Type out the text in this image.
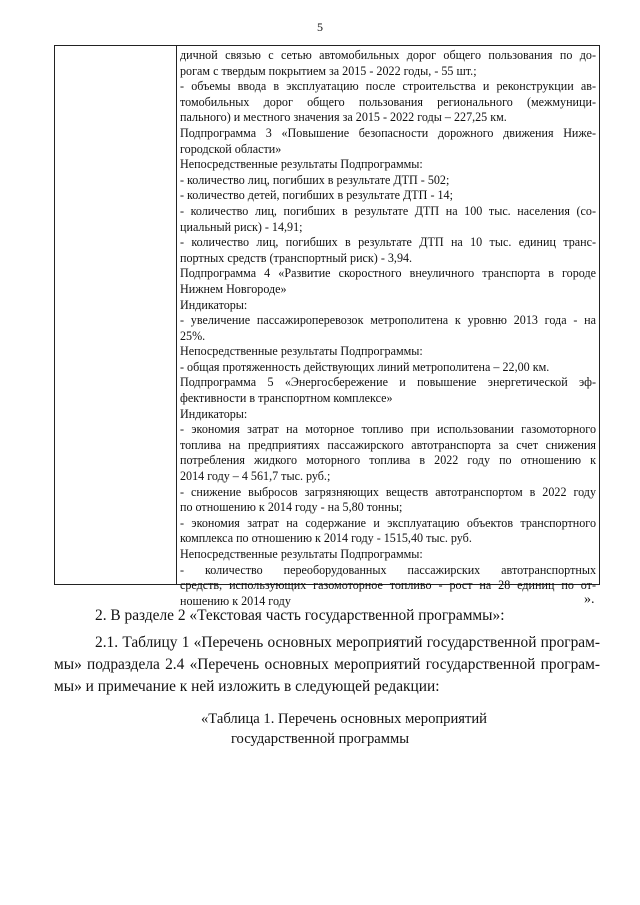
5
дичной связью с сетью автомобильных дорог общего пользования по до-
рогам с твердым покрытием за 2015 - 2022 годы, - 55 шт.;
- объемы ввода в эксплуатацию после строительства и реконструкции ав-
томобильных дорог общего пользования регионального (межмуници-
пального) и местного значения за 2015 - 2022 годы – 227,25 км.
Подпрограмма 3 «Повышение безопасности дорожного движения Ниже-
городской области»
Непосредственные результаты Подпрограммы:
- количество лиц, погибших в результате ДТП - 502;
- количество детей, погибших в результате ДТП - 14;
- количество лиц, погибших в результате ДТП на 100 тыс. населения (со-
циальный риск) - 14,91;
- количество лиц, погибших в результате ДТП на 10 тыс. единиц транс-
портных средств (транспортный риск) - 3,94.
Подпрограмма 4 «Развитие скоростного внеуличного транспорта в городе
Нижнем Новгороде»
Индикаторы:
- увеличение пассажироперевозок метрополитена к уровню 2013 года - на
25%.
Непосредственные результаты Подпрограммы:
- общая протяженность действующих линий метрополитена – 22,00 км.
Подпрограмма 5 «Энергосбережение и повышение энергетической эф-
фективности в транспортном комплексе»
Индикаторы:
- экономия затрат на моторное топливо при использовании газомоторного
топлива на предприятиях пассажирского автотранспорта за счет снижения
потребления жидкого моторного топлива в 2022 году по отношению к
2014 году – 4 561,7 тыс. руб.;
- снижение выбросов загрязняющих веществ автотранспортом в 2022 году
по отношению к 2014 году - на 5,80 тонны;
- экономия затрат на содержание и эксплуатацию объектов транспортного
комплекса по отношению к 2014 году - 1515,40 тыс. руб.
Непосредственные результаты Подпрограммы:
- количество переоборудованных пассажирских автотранспортных
средств, использующих газомоторное топливо - рост на 28 единиц по от-
ношению к 2014 году	».
2. В разделе 2 «Текстовая часть государственной программы»:
2.1. Таблицу 1 «Перечень основных мероприятий государственной програм-
мы» подраздела 2.4 «Перечень основных мероприятий государственной програм-
мы» и примечание к ней изложить в следующей редакции:
«Таблица 1. Перечень основных мероприятий
государственной программы
